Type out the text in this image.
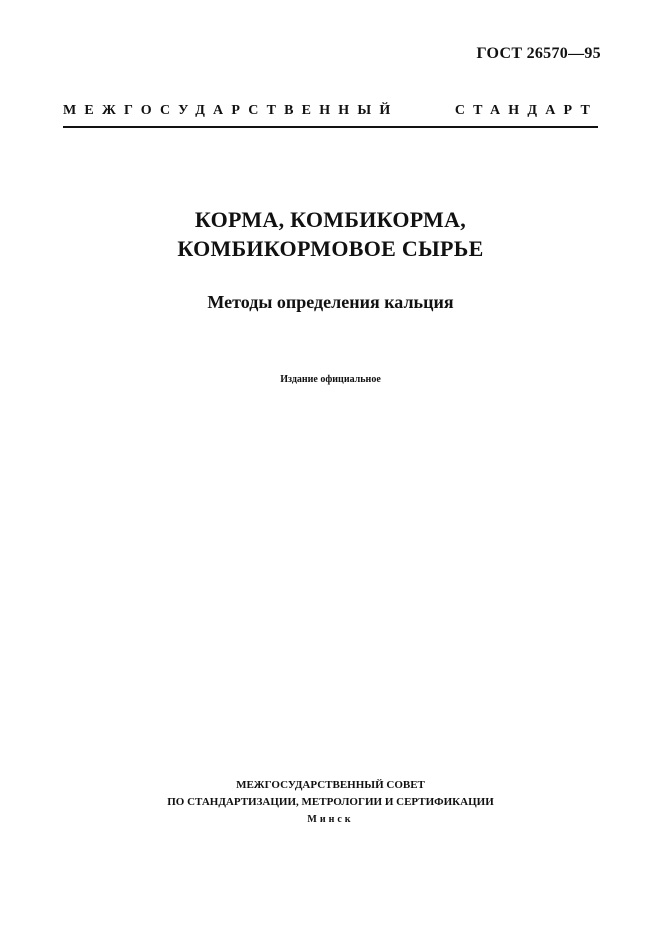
ГОСТ 26570—95
МЕЖГОСУДАРСТВЕННЫЙ	СТАНДАРТ
КОРМА, КОМБИКОРМА,
КОМБИКОРМОВОЕ СЫРЬЕ
Методы определения кальция
Издание официальное
МЕЖГОСУДАРСТВЕННЫЙ СОВЕТ
ПО СТАНДАРТИЗАЦИИ, МЕТРОЛОГИИ И СЕРТИФИКАЦИИ
Минск
